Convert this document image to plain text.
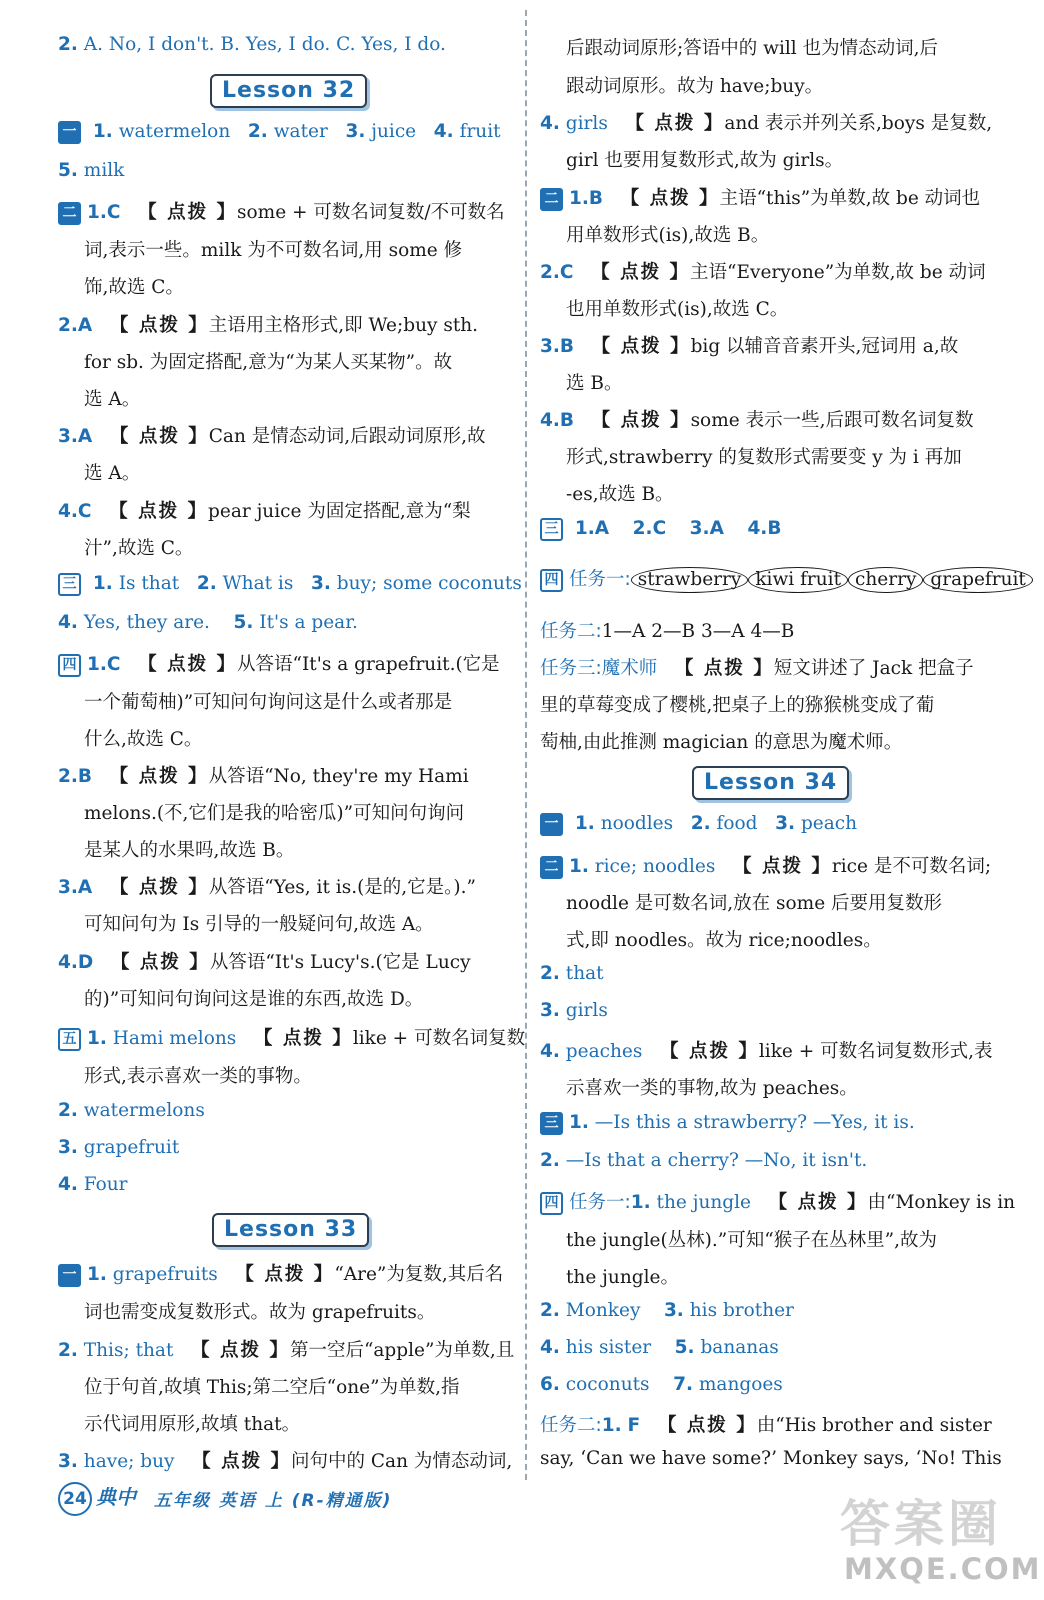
2. A. No, I don't. B. Yes, I do. C. Yes, I do.
Lesson 32
一 1. watermelon 2. water 3. juice 4. fruit
5. milk
二 1.C 【 点拨 】some + 可数名词复数/不可数名
词,表示一些。milk 为不可数名词,用 some 修
饰,故选 C。
2.A 【 点拨 】主语用主格形式,即 We;buy sth.
for sb. 为固定搭配,意为“为某人买某物”。故
选 A。
3.A 【 点拨 】Can 是情态动词,后跟动词原形,故
选 A。
4.C 【 点拨 】pear juice 为固定搭配,意为“梨
汁”,故选 C。
三 1. Is that 2. What is 3. buy; some coconuts
4. Yes, they are. 5. It's a pear.
四 1.C 【 点拨 】从答语“It's a grapefruit.(它是
一个葡萄柚)”可知问句询问这是什么或者那是
什么,故选 C。
2.B 【 点拨 】从答语“No, they're my Hami
melons.(不,它们是我的哈密瓜)”可知问句询问
是某人的水果吗,故选 B。
3.A 【 点拨 】从答语“Yes, it is.(是的,它是。).”
可知问句为 Is 引导的一般疑问句,故选 A。
4.D 【 点拨 】从答语“It's Lucy's.(它是 Lucy
的)”可知问句询问这是谁的东西,故选 D。
五 1. Hami melons 【 点拨 】like + 可数名词复数
形式,表示喜欢一类的事物。
2. watermelons
3. grapefruit
4. Four
Lesson 33
一 1. grapefruits 【 点拨 】“Are”为复数,其后名
词也需变成复数形式。故为 grapefruits。
2. This; that 【 点拨 】第一空后“apple”为单数,且
位于句首,故填 This;第二空后“one”为单数,指
示代词用原形,故填 that。
3. have; buy 【 点拨 】问句中的 Can 为情态动词,
后跟动词原形;答语中的 will 也为情态动词,后
跟动词原形。故为 have;buy。
4. girls 【 点拨 】and 表示并列关系,boys 是复数,
girl 也要用复数形式,故为 girls。
二 1.B 【 点拨 】主语“this”为单数,故 be 动词也
用单数形式(is),故选 B。
2.C 【 点拨 】主语“Everyone”为单数,故 be 动词
也用单数形式(is),故选 C。
3.B 【 点拨 】big 以辅音音素开头,冠词用 a,故
选 B。
4.B 【 点拨 】some 表示一些,后跟可数名词复数
形式,strawberry 的复数形式需要变 y 为 i 再加
-es,故选 B。
三 1.A 2.C 3.A 4.B
四 任务一: strawberry kiwi fruit cherry grapefruit
任务二:1—A 2—B 3—A 4—B
任务三:魔术师 【 点拨 】短文讲述了 Jack 把盒子
里的草莓变成了樱桃,把桌子上的猕猴桃变成了葡
萄柚,由此推测 magician 的意思为魔术师。
Lesson 34
一 1. noodles 2. food 3. peach
二 1. rice; noodles 【 点拨 】rice 是不可数名词;
noodle 是可数名词,放在 some 后要用复数形
式,即 noodles。故为 rice;noodles。
2. that
3. girls
4. peaches 【 点拨 】like + 可数名词复数形式,表
示喜欢一类的事物,故为 peaches。
三 1. —Is this a strawberry? —Yes, it is.
2. —Is that a cherry? —No, it isn't.
四 任务一:1. the jungle 【 点拨 】由“Monkey is in
the jungle(丛林).”可知“猴子在丛林里”,故为
the jungle。
2. Monkey 3. his brother
4. his sister 5. bananas
6. coconuts 7. mangoes
任务二:1. F 【 点拨 】由“His brother and sister
say, ‘Can we have some?’ Monkey says, ‘No! This
24 典中 五年级 英语 上 (R-精通版)	答案圈
MXQE.COM
